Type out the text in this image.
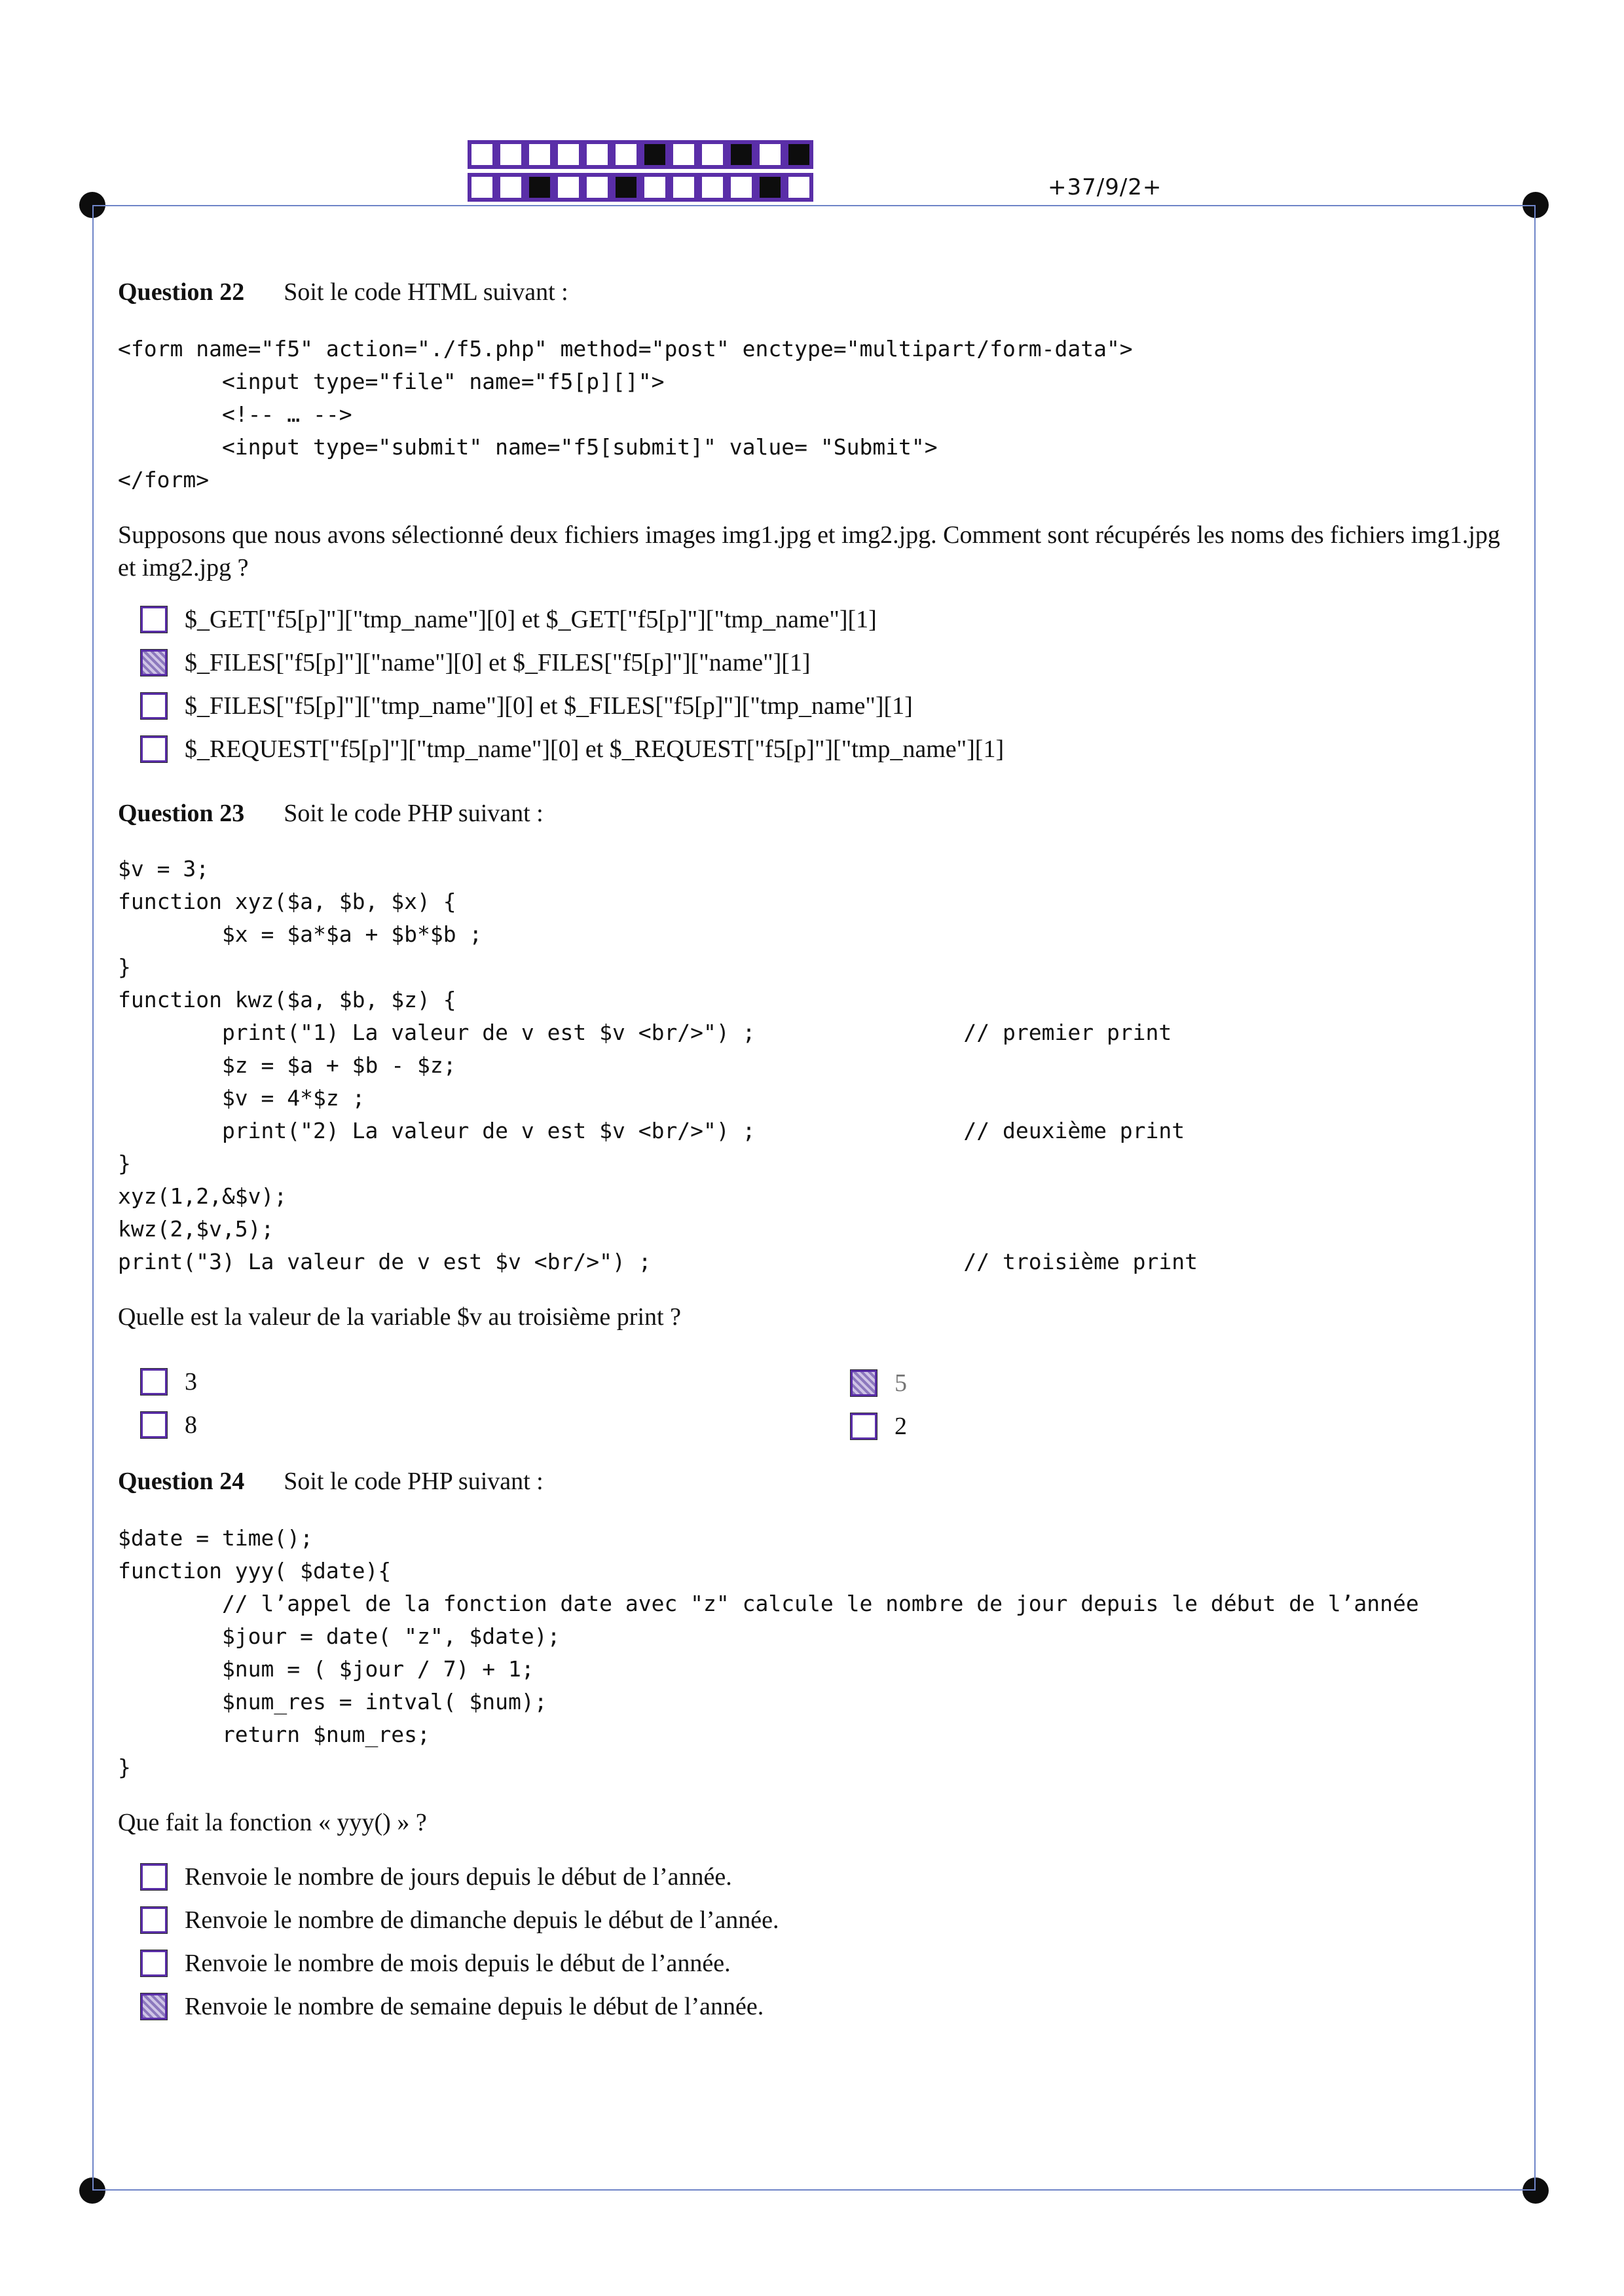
+37/9/2+
Question 22 Soit le code HTML suivant :
<form name="f5" action="./f5.php" method="post" enctype="multipart/form-data">
<input type="file" name="f5[p][]">
<!-- … -->
<input type="submit" name="f5[submit]" value= "Submit">
</form>
Supposons que nous avons sélectionné deux fichiers images img1.jpg et img2.jpg. Comment sont récupérés les noms des fichiers img1.jpg et img2.jpg ?
$_GET["f5[p]"]["tmp_name"][0] et $_GET["f5[p]"]["tmp_name"][1]
$_FILES["f5[p]"]["name"][0] et $_FILES["f5[p]"]["name"][1]
$_FILES["f5[p]"]["tmp_name"][0] et $_FILES["f5[p]"]["tmp_name"][1]
$_REQUEST["f5[p]"]["tmp_name"][0] et $_REQUEST["f5[p]"]["tmp_name"][1]
Question 23 Soit le code PHP suivant :
$v = 3;
function xyz($a, $b, $x) {
$x = $a*$a + $b*$b ;
}
function kwz($a, $b, $z) {
print("1) La valeur de v est $v <br/>") ;                // premier print
$z = $a + $b - $z;
$v = 4*$z ;
print("2) La valeur de v est $v <br/>") ;                // deuxième print
}
xyz(1,2,&$v);
kwz(2,$v,5);
print("3) La valeur de v est $v <br/>") ;                        // troisième print
Quelle est la valeur de la variable $v au troisième print ?
3	5
8	2
Question 24 Soit le code PHP suivant :
$date = time();
function yyy( $date){
// l’appel de la fonction date avec "z" calcule le nombre de jour depuis le début de l’année
$jour = date( "z", $date);
$num = ( $jour / 7) + 1;
$num_res = intval( $num);
return $num_res;
}
Que fait la fonction « yyy() » ?
Renvoie le nombre de jours depuis le début de l’année.
Renvoie le nombre de dimanche depuis le début de l’année.
Renvoie le nombre de mois depuis le début de l’année.
Renvoie le nombre de semaine depuis le début de l’année.
